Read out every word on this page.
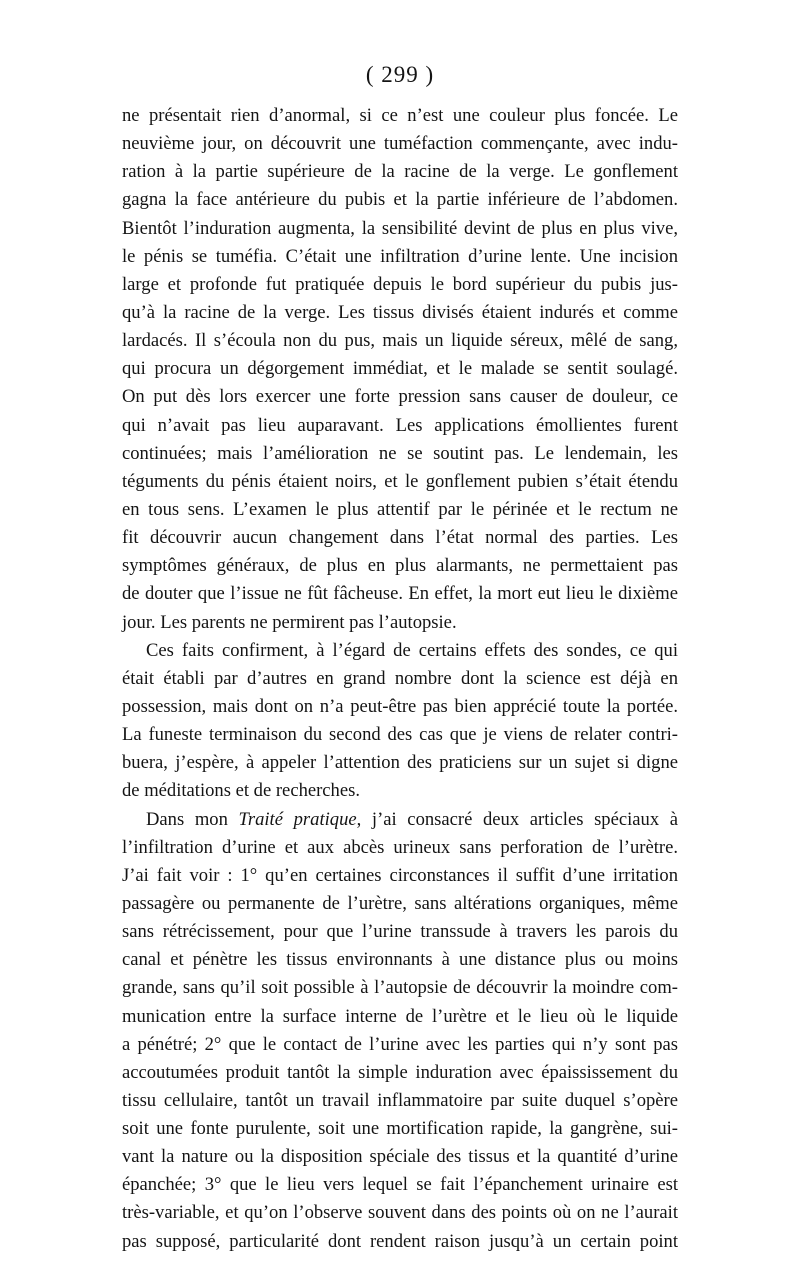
( 299 )
ne présentait rien d’anormal, si ce n’est une couleur plus foncée. Le
neuvième jour, on découvrit une tuméfaction commençante, avec indu-
ration à la partie supérieure de la racine de la verge. Le gonflement
gagna la face antérieure du pubis et la partie inférieure de l’abdomen.
Bientôt l’induration augmenta, la sensibilité devint de plus en plus vive,
le pénis se tuméfia. C’était une infiltration d’urine lente. Une incision
large et profonde fut pratiquée depuis le bord supérieur du pubis jus-
qu’à la racine de la verge. Les tissus divisés étaient indurés et comme
lardacés. Il s’écoula non du pus, mais un liquide séreux, mêlé de sang,
qui procura un dégorgement immédiat, et le malade se sentit soulagé.
On put dès lors exercer une forte pression sans causer de douleur, ce
qui n’avait pas lieu auparavant. Les applications émollientes furent
continuées; mais l’amélioration ne se soutint pas. Le lendemain, les
téguments du pénis étaient noirs, et le gonflement pubien s’était étendu
en tous sens. L’examen le plus attentif par le périnée et le rectum ne
fit découvrir aucun changement dans l’état normal des parties. Les
symptômes généraux, de plus en plus alarmants, ne permettaient pas
de douter que l’issue ne fût fâcheuse. En effet, la mort eut lieu le dixième
jour. Les parents ne permirent pas l’autopsie.
Ces faits confirment, à l’égard de certains effets des sondes, ce qui
était établi par d’autres en grand nombre dont la science est déjà en
possession, mais dont on n’a peut-être pas bien apprécié toute la portée.
La funeste terminaison du second des cas que je viens de relater contri-
buera, j’espère, à appeler l’attention des praticiens sur un sujet si digne
de méditations et de recherches.
Dans mon Traité pratique, j’ai consacré deux articles spéciaux à
l’infiltration d’urine et aux abcès urineux sans perforation de l’urètre.
J’ai fait voir : 1° qu’en certaines circonstances il suffit d’une irritation
passagère ou permanente de l’urètre, sans altérations organiques, même
sans rétrécissement, pour que l’urine transsude à travers les parois du
canal et pénètre les tissus environnants à une distance plus ou moins
grande, sans qu’il soit possible à l’autopsie de découvrir la moindre com-
munication entre la surface interne de l’urètre et le lieu où le liquide
a pénétré; 2° que le contact de l’urine avec les parties qui n’y sont pas
accoutumées produit tantôt la simple induration avec épaississement du
tissu cellulaire, tantôt un travail inflammatoire par suite duquel s’opère
soit une fonte purulente, soit une mortification rapide, la gangrène, sui-
vant la nature ou la disposition spéciale des tissus et la quantité d’urine
épanchée; 3° que le lieu vers lequel se fait l’épanchement urinaire est
très-variable, et qu’on l’observe souvent dans des points où on ne l’aurait
pas supposé, particularité dont rendent raison jusqu’à un certain point
